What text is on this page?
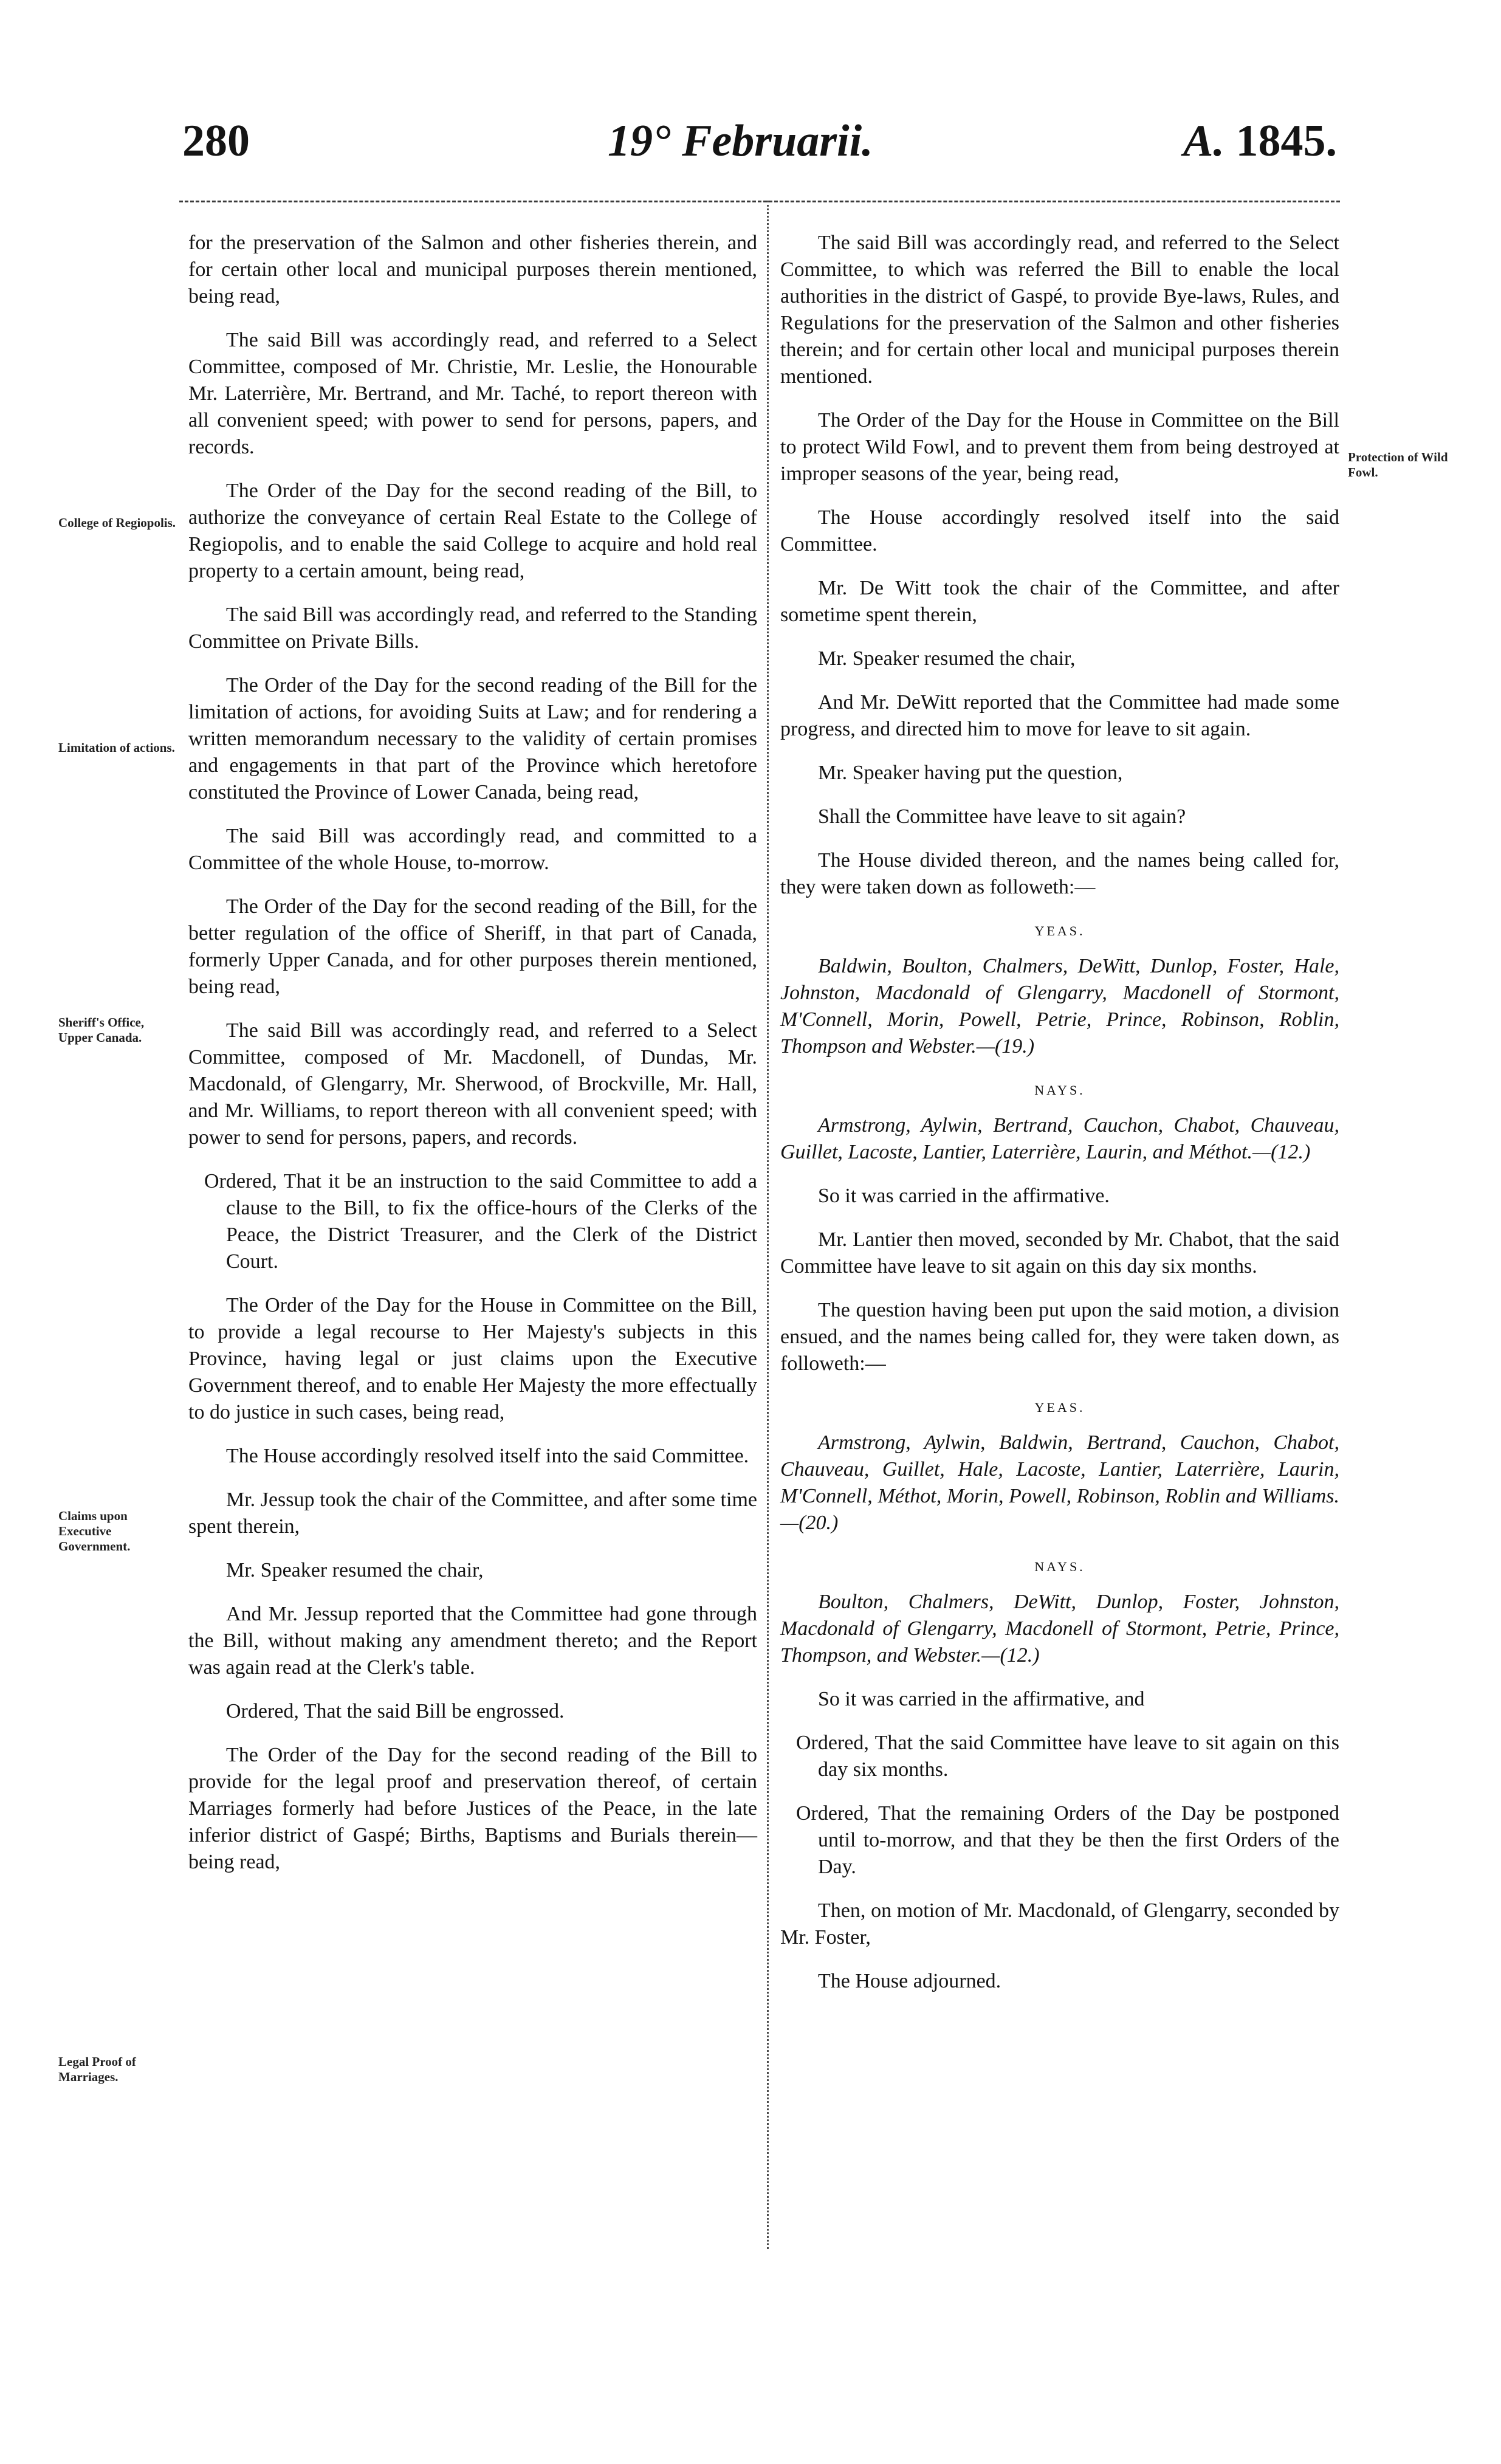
280	19° Februarii.	A. 1845.
College of Regiopolis.
Limitation of actions.
Sheriff's Office, Upper Canada.
Claims upon Executive Government.
Legal Proof of Marriages.
Protection of Wild Fowl.

for the preservation of the Salmon and other fisheries therein, and for certain other local and municipal purposes therein mentioned, being read,

The said Bill was accordingly read, and referred to a Select Committee, composed of Mr. Christie, Mr. Leslie, the Honourable Mr. Laterrière, Mr. Bertrand, and Mr. Taché, to report thereon with all convenient speed; with power to send for persons, papers, and records.

The Order of the Day for the second reading of the Bill, to authorize the conveyance of certain Real Estate to the College of Regiopolis, and to enable the said College to acquire and hold real property to a certain amount, being read,

The said Bill was accordingly read, and referred to the Standing Committee on Private Bills.

The Order of the Day for the second reading of the Bill for the limitation of actions, for avoiding Suits at Law; and for rendering a written memorandum necessary to the validity of certain promises and engagements in that part of the Province which heretofore constituted the Province of Lower Canada, being read,

The said Bill was accordingly read, and committed to a Committee of the whole House, to-morrow.

The Order of the Day for the second reading of the Bill, for the better regulation of the office of Sheriff, in that part of Canada, formerly Upper Canada, and for other purposes therein mentioned, being read,

The said Bill was accordingly read, and referred to a Select Committee, composed of Mr. Macdonell, of Dundas, Mr. Macdonald, of Glengarry, Mr. Sherwood, of Brockville, Mr. Hall, and Mr. Williams, to report thereon with all convenient speed; with power to send for persons, papers, and records.

Ordered, That it be an instruction to the said Committee to add a clause to the Bill, to fix the office-hours of the Clerks of the Peace, the District Treasurer, and the Clerk of the District Court.

The Order of the Day for the House in Committee on the Bill, to provide a legal recourse to Her Majesty's subjects in this Province, having legal or just claims upon the Executive Government thereof, and to enable Her Majesty the more effectually to do justice in such cases, being read,

The House accordingly resolved itself into the said Committee.

Mr. Jessup took the chair of the Committee, and after some time spent therein,

Mr. Speaker resumed the chair,

And Mr. Jessup reported that the Committee had gone through the Bill, without making any amendment thereto; and the Report was again read at the Clerk's table.

Ordered, That the said Bill be engrossed.

The Order of the Day for the second reading of the Bill to provide for the legal proof and preservation thereof, of certain Marriages formerly had before Justices of the Peace, in the late inferior district of Gaspé; Births, Baptisms and Burials therein—being read,

The said Bill was accordingly read, and referred to the Select Committee, to which was referred the Bill to enable the local authorities in the district of Gaspé, to provide Bye-laws, Rules, and Regulations for the preservation of the Salmon and other fisheries therein; and for certain other local and municipal purposes therein mentioned.

The Order of the Day for the House in Committee on the Bill to protect Wild Fowl, and to prevent them from being destroyed at improper seasons of the year, being read,

The House accordingly resolved itself into the said Committee.

Mr. De Witt took the chair of the Committee, and after sometime spent therein,

Mr. Speaker resumed the chair,

And Mr. DeWitt reported that the Committee had made some progress, and directed him to move for leave to sit again.

Mr. Speaker having put the question,

Shall the Committee have leave to sit again?

The House divided thereon, and the names being called for, they were taken down as followeth:—

YEAS.

Baldwin, Boulton, Chalmers, DeWitt, Dunlop, Foster, Hale, Johnston, Macdonald of Glengarry, Macdonell of Stormont, M'Connell, Morin, Powell, Petrie, Prince, Robinson, Roblin, Thompson and Webster.—(19.)

NAYS.

Armstrong, Aylwin, Bertrand, Cauchon, Chabot, Chauveau, Guillet, Lacoste, Lantier, Laterrière, Laurin, and Méthot.—(12.)

So it was carried in the affirmative.

Mr. Lantier then moved, seconded by Mr. Chabot, that the said Committee have leave to sit again on this day six months.

The question having been put upon the said motion, a division ensued, and the names being called for, they were taken down, as followeth:—

YEAS.

Armstrong, Aylwin, Baldwin, Bertrand, Cauchon, Chabot, Chauveau, Guillet, Hale, Lacoste, Lantier, Laterrière, Laurin, M'Connell, Méthot, Morin, Powell, Robinson, Roblin and Williams.—(20.)

NAYS.

Boulton, Chalmers, DeWitt, Dunlop, Foster, Johnston, Macdonald of Glengarry, Macdonell of Stormont, Petrie, Prince, Thompson, and Webster.—(12.)

So it was carried in the affirmative, and

Ordered, That the said Committee have leave to sit again on this day six months.

Ordered, That the remaining Orders of the Day be postponed until to-morrow, and that they be then the first Orders of the Day.

Then, on motion of Mr. Macdonald, of Glengarry, seconded by Mr. Foster,

The House adjourned.
